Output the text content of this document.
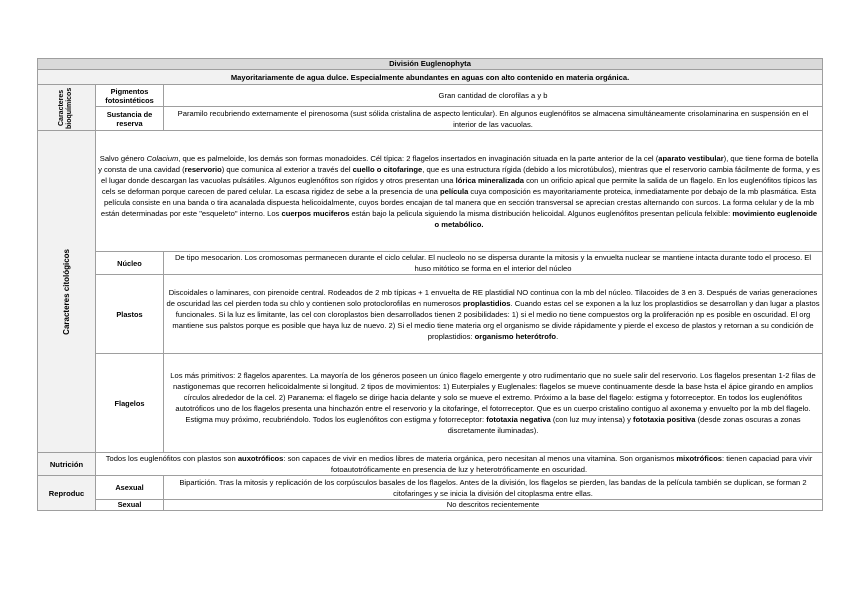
División Euglenophyta		
Mayoritariamente de agua dulce. Especialmente abundantes en aguas con alto contenido en materia orgánica.		

Caracteres bioquímicos	Pigmentos fotosintéticos	Gran cantidad de clorofilas a y b
	Sustancia de reserva	Paramilo recubriendo externamente el pirenosoma (sust sólida cristalina de aspecto lenticular). En algunos euglenófitos se almacena simultáneamente crisolaminarina en suspensión en el interior de las vacuolas.

Caracteres citológicos	Salvo género Colacium, que es palmeloide, los demás son formas monadoides. Cél típica: 2 flagelos insertados en invaginación situada en la parte anterior de la cel (aparato vestibular), que tiene forma de botella y consta de una cavidad (reservorio) que comunica al exterior a través del cuello o citofaringe, que es una estructura rígida (debido a los microtúbulos), mientras que el reservorio cambia fácilmente de forma, y es el lugar donde descargan las vacuolas pulsátiles. Algunos euglenófitos son rígidos y otros presentan una lórica mineralizada con un orificio apical que permite la salida de un flagelo. En los euglenófitos típicos las cels se deforman porque carecen de pared celular. La escasa rigidez de sebe a la presencia de una película cuya composición es mayoritariamente proteica, inmediatamente por debajo de la mb plasmática. Esta película consiste en una banda o tira acanalada dispuesta helicoidalmente, cuyos bordes encajan de tal manera que en sección transversal se aprecian crestas alternando con surcos. La forma celular y de la mb están determinadas por este "esqueleto" interno. Los cuerpos muciferos están bajo la pelicula siguiendo la misma distribución helicoidal. Algunos euglenófitos presentan película felxible: movimiento euglenoide o metabólico.	
	Núcleo	De tipo mesocarion. Los cromosomas permanecen durante el ciclo celular. El nucleolo no se dispersa durante la mitosis y la envuelta nuclear se mantiene intacta durante todo el proceso. El huso mitótico se forma en el interior del núcleo
	Plastos	Discoidales o laminares, con pirenoide central. Rodeados de 2 mb típicas + 1 envuelta de RE plastidial NO continua con la mb del núcleo. Tilacoides de 3 en 3. Después de varias generaciones de oscuridad las cel pierden toda su chlo y contienen solo protoclorofilas en numerosos proplastidios. Cuando estas cel se exponen a la luz los proplastidios se desarrollan y dan lugar a plastos funcionales. Si la luz es limitante, las cel con cloroplastos bien desarrollados tienen 2 posibilidades: 1) si el medio no tiene compuestos org la proliferación np es posible en oscuridad. El org mantiene sus palstos porque es posible que haya luz de nuevo. 2) Si el medio tiene materia org el organismo se divide rápidamente y pierde el exceso de plastos y retornan a su condición de proplastidios: organismo heterótrofo.
	Flagelos	Los más primitivos: 2 flagelos aparentes. La mayoría de los géneros poseen un único flagelo emergente y otro rudimentario que no suele salir del reservorio. Los flagelos presentan 1-2 filas de nastigonemas que recorren helicoidalmente si longitud. 2 tipos de movimientos: 1) Euterpiales y Euglenales: flagelos se mueve continuamente desde la base hsta el ápice girando en amplios círculos alrededor de la cel. 2) Paranema: el flagelo se dirige hacia delante y solo se mueve el extremo. Próximo a la base del flagelo: estigma y fotorreceptor. En todos los euglenófitos autotróficos uno de los flagelos presenta una hinchazón entre el reservorio y la citofaringe, el fotorreceptor. Que es un cuerpo cristalino contiguo al axonema y envuelto por la mb del flagelo. Estigma muy próximo, recubriéndolo. Todos los euglenófitos con estigma y fotorreceptor: fototaxia negativa (con luz muy intensa) y fototaxia positiva (desde zonas oscuras a zonas discretamente iluminadas).
Nutrición	Todos los euglenófitos con plastos son auxotróficos: son capaces de vivir en medios libres de materia orgánica, pero necesitan al menos una vitamina. Son organismos mixotróficos: tienen capaciad para vivir fotoautotróficamente en presencia de luz y heterotróficamente en oscuridad.	
Reproduc	Asexual	Bipartición. Tras la mitosis y replicación de los corpúsculos basales de los flagelos. Antes de la división, los flagelos se pierden, las bandas de la película también se duplican, se forman 2 citofaringes y se inicia la división del citoplasma entre ellas.
	Sexual	No descritos recientemente
